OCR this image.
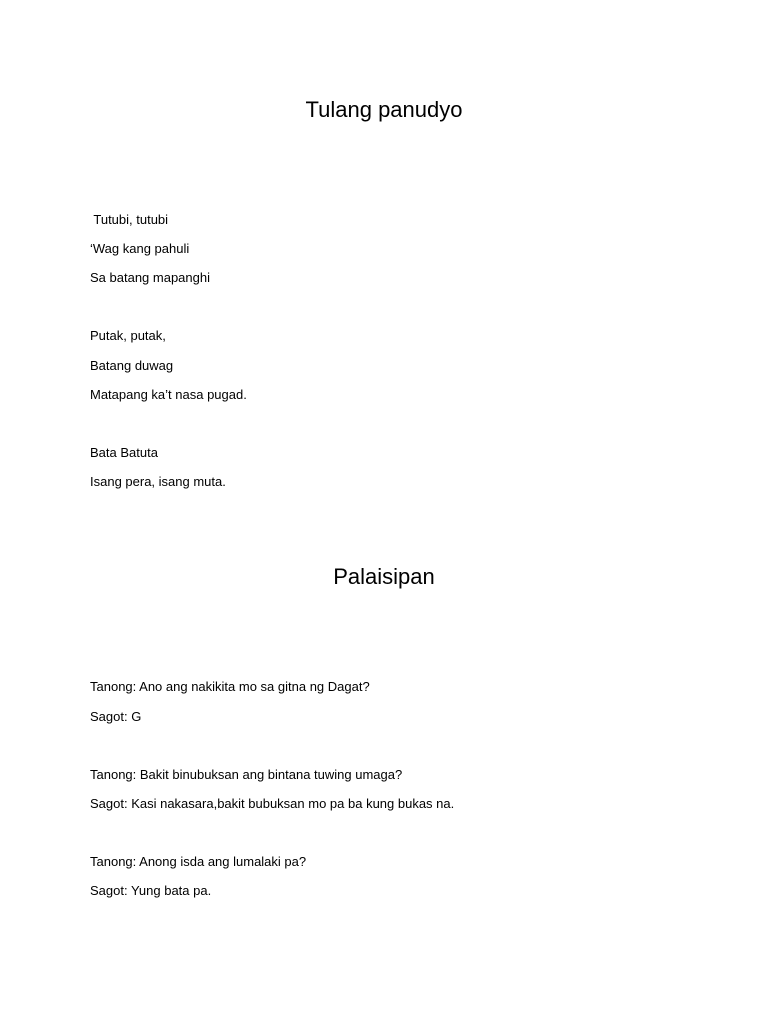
Tulang panudyo

Tutubi, tutubi

‘Wag kang pahuli

Sa batang mapanghi

Putak, putak,

Batang duwag

Matapang ka’t nasa pugad.

Bata Batuta

Isang pera, isang muta.

Palaisipan

Tanong: Ano ang nakikita mo sa gitna ng Dagat?

Sagot: G

Tanong: Bakit binubuksan ang bintana tuwing umaga?

Sagot: Kasi nakasara,bakit bubuksan mo pa ba kung bukas na.

Tanong: Anong isda ang lumalaki pa?

Sagot: Yung bata pa.
